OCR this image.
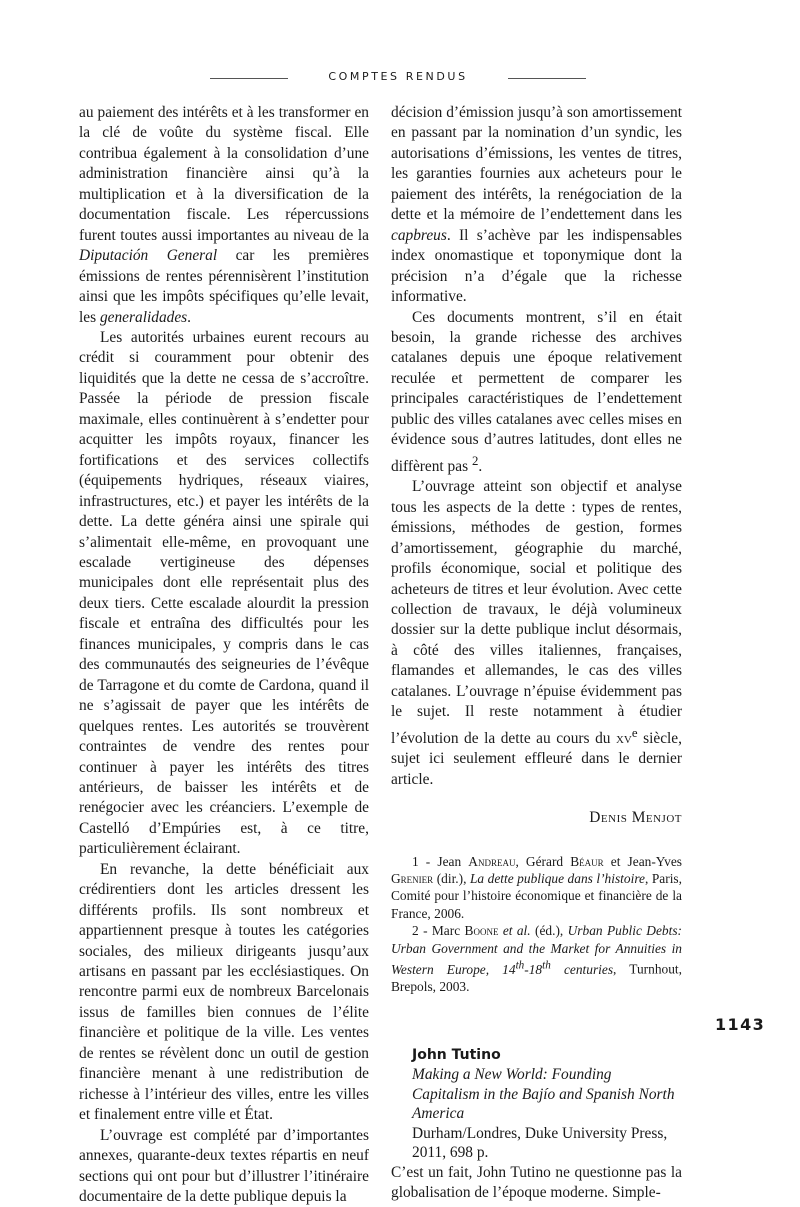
COMPTES RENDUS

au paiement des intérêts et à les transformer en la clé de voûte du système fiscal. Elle contribua également à la consolidation d’une administration financière ainsi qu’à la multiplication et à la diversification de la documentation fiscale. Les répercussions furent toutes aussi importantes au niveau de la Diputación General car les premières émissions de rentes pérennisèrent l’institution ainsi que les impôts spécifiques qu’elle levait, les generalidades.

Les autorités urbaines eurent recours au crédit si couramment pour obtenir des liquidités que la dette ne cessa de s’accroître. Passée la période de pression fiscale maximale, elles continuèrent à s’endetter pour acquitter les impôts royaux, financer les fortifications et des services collectifs (équipements hydriques, réseaux viaires, infrastructures, etc.) et payer les intérêts de la dette. La dette généra ainsi une spirale qui s’alimentait elle-même, en provoquant une escalade vertigineuse des dépenses municipales dont elle représentait plus des deux tiers. Cette escalade alourdit la pression fiscale et entraîna des difficultés pour les finances municipales, y compris dans le cas des communautés des seigneuries de l’évêque de Tarragone et du comte de Cardona, quand il ne s’agissait de payer que les intérêts de quelques rentes. Les autorités se trouvèrent contraintes de vendre des rentes pour continuer à payer les intérêts des titres antérieurs, de baisser les intérêts et de renégocier avec les créanciers. L’exemple de Castelló d’Empúries est, à ce titre, particulièrement éclairant.

En revanche, la dette bénéficiait aux crédirentiers dont les articles dressent les différents profils. Ils sont nombreux et appartiennent presque à toutes les catégories sociales, des milieux dirigeants jusqu’aux artisans en passant par les ecclésiastiques. On rencontre parmi eux de nombreux Barcelonais issus de familles bien connues de l’élite financière et politique de la ville. Les ventes de rentes se révèlent donc un outil de gestion financière menant à une redistribution de richesse à l’intérieur des villes, entre les villes et finalement entre ville et État.

L’ouvrage est complété par d’importantes annexes, quarante-deux textes répartis en neuf sections qui ont pour but d’illustrer l’itinéraire documentaire de la dette publique depuis la

décision d’émission jusqu’à son amortissement en passant par la nomination d’un syndic, les autorisations d’émissions, les ventes de titres, les garanties fournies aux acheteurs pour le paiement des intérêts, la renégociation de la dette et la mémoire de l’endettement dans les capbreus. Il s’achève par les indispensables index onomastique et toponymique dont la précision n’a d’égale que la richesse informative.

Ces documents montrent, s’il en était besoin, la grande richesse des archives catalanes depuis une époque relativement reculée et permettent de comparer les principales caractéristiques de l’endettement public des villes catalanes avec celles mises en évidence sous d’autres latitudes, dont elles ne diffèrent pas $^2$.

L’ouvrage atteint son objectif et analyse tous les aspects de la dette : types de rentes, émissions, méthodes de gestion, formes d’amortissement, géographie du marché, profils économique, social et politique des acheteurs de titres et leur évolution. Avec cette collection de travaux, le déjà volumineux dossier sur la dette publique inclut désormais, à côté des villes italiennes, françaises, flamandes et allemandes, le cas des villes catalanes. L’ouvrage n’épuise évidemment pas le sujet. Il reste notamment à étudier l’évolution de la dette au cours du $xv^e$ siècle, sujet ici seulement effleuré dans le dernier article.

Denis Menjot

1 - Jean Andreau, Gérard Béaur et Jean-Yves Grenier (dir.), La dette publique dans l’histoire, Paris, Comité pour l’histoire économique et financière de la France, 2006.

2 - Marc Boone et al. (éd.), Urban Public Debts: Urban Government and the Market for Annuities in Western Europe, 14th-18th centuries, Turnhout, Brepols, 2003.

John Tutino
Making a New World: Founding Capitalism in the Bajío and Spanish North America
Durham/Londres, Duke University Press, 2011, 698 p.

C’est un fait, John Tutino ne questionne pas la globalisation de l’époque moderne. Simple-

1143
